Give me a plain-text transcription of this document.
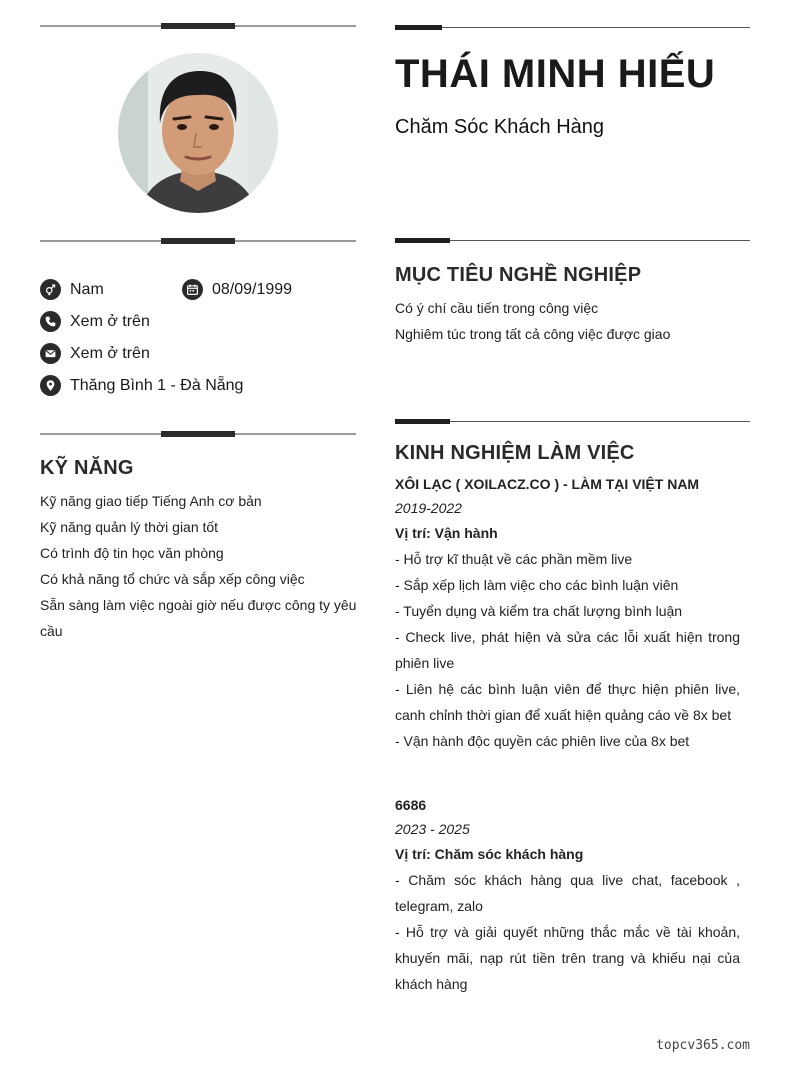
THÁI MINH HIẾU
Chăm Sóc Khách Hàng
Nam	08/09/1999
Xem ở trên
Xem ở trên
Thăng Bình 1 - Đà Nẵng
KỸ NĂNG
Kỹ năng giao tiếp Tiếng Anh cơ bản
Kỹ năng quản lý thời gian tốt
Có trình độ tin học văn phòng
Có khả năng tổ chức và sắp xếp công việc
Sẵn sàng làm việc ngoài giờ nếu được công ty yêu cầu
MỤC TIÊU NGHỀ NGHIỆP
Có ý chí cầu tiến trong công việc
Nghiêm túc trong tất cả công việc được giao
KINH NGHIỆM LÀM VIỆC
XÔI LẠC ( XOILACZ.CO ) - LÀM TẠI VIỆT NAM
2019-2022
Vị trí: Vận hành
- Hỗ trợ kĩ thuật về các phần mềm live
- Sắp xếp lịch làm việc cho các bình luận viên
- Tuyển dụng và kiểm tra chất lượng bình luận
- Check live, phát hiện và sửa các lỗi xuất hiện trong phiên live
- Liên hệ các bình luận viên để thực hiện phiên live, canh chỉnh thời gian để xuất hiện quảng cáo về 8x bet
- Vận hành độc quyền các phiên live của 8x bet
6686
2023 - 2025
Vị trí: Chăm sóc khách hàng
- Chăm sóc khách hàng qua live chat, facebook , telegram, zalo
- Hỗ trợ và giải quyết những thắc mắc về tài khoản, khuyến mãi, nạp rút tiền trên trang và khiếu nại của khách hàng
topcv365.com
